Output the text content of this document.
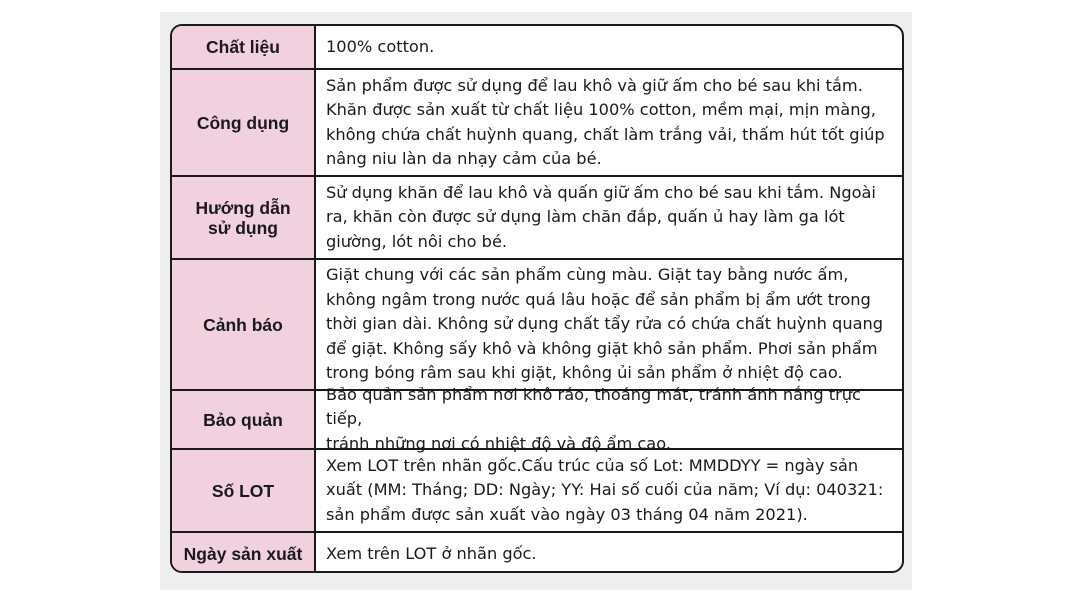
Chất liệu	100% cotton.
Công dụng
Sản phẩm được sử dụng để lau khô và giữ ấm cho bé sau khi tắm.
Khăn được sản xuất từ chất liệu 100% cotton, mềm mại, mịn màng,
không chứa chất huỳnh quang, chất làm trắng vải, thấm hút tốt giúp
nâng niu làn da nhạy cảm của bé.
Hướng dẫn
sử dụng
Sử dụng khăn để lau khô và quấn giữ ấm cho bé sau khi tắm. Ngoài
ra, khăn còn được sử dụng làm chăn đắp, quấn ủ hay làm ga lót
giường, lót nôi cho bé.
Cảnh báo
Giặt chung với các sản phẩm cùng màu. Giặt tay bằng nước ấm,
không ngâm trong nước quá lâu hoặc để sản phẩm bị ẩm ướt trong
thời gian dài. Không sử dụng chất tẩy rửa có chứa chất huỳnh quang
để giặt. Không sấy khô và không giặt khô sản phẩm. Phơi sản phẩm
trong bóng râm sau khi giặt, không ủi sản phẩm ở nhiệt độ cao.
Bảo quản
Bảo quản sản phẩm nơi khô ráo, thoáng mát, tránh ánh nắng trực tiếp,
tránh những nơi có nhiệt độ và độ ẩm cao.
Số LOT
Xem LOT trên nhãn gốc.Cấu trúc của số Lot: MMDDYY = ngày sản
xuất (MM: Tháng; DD: Ngày; YY: Hai số cuối của năm; Ví dụ: 040321:
sản phẩm được sản xuất vào ngày 03 tháng 04 năm 2021).
Ngày sản xuất	Xem trên LOT ở nhãn gốc.
